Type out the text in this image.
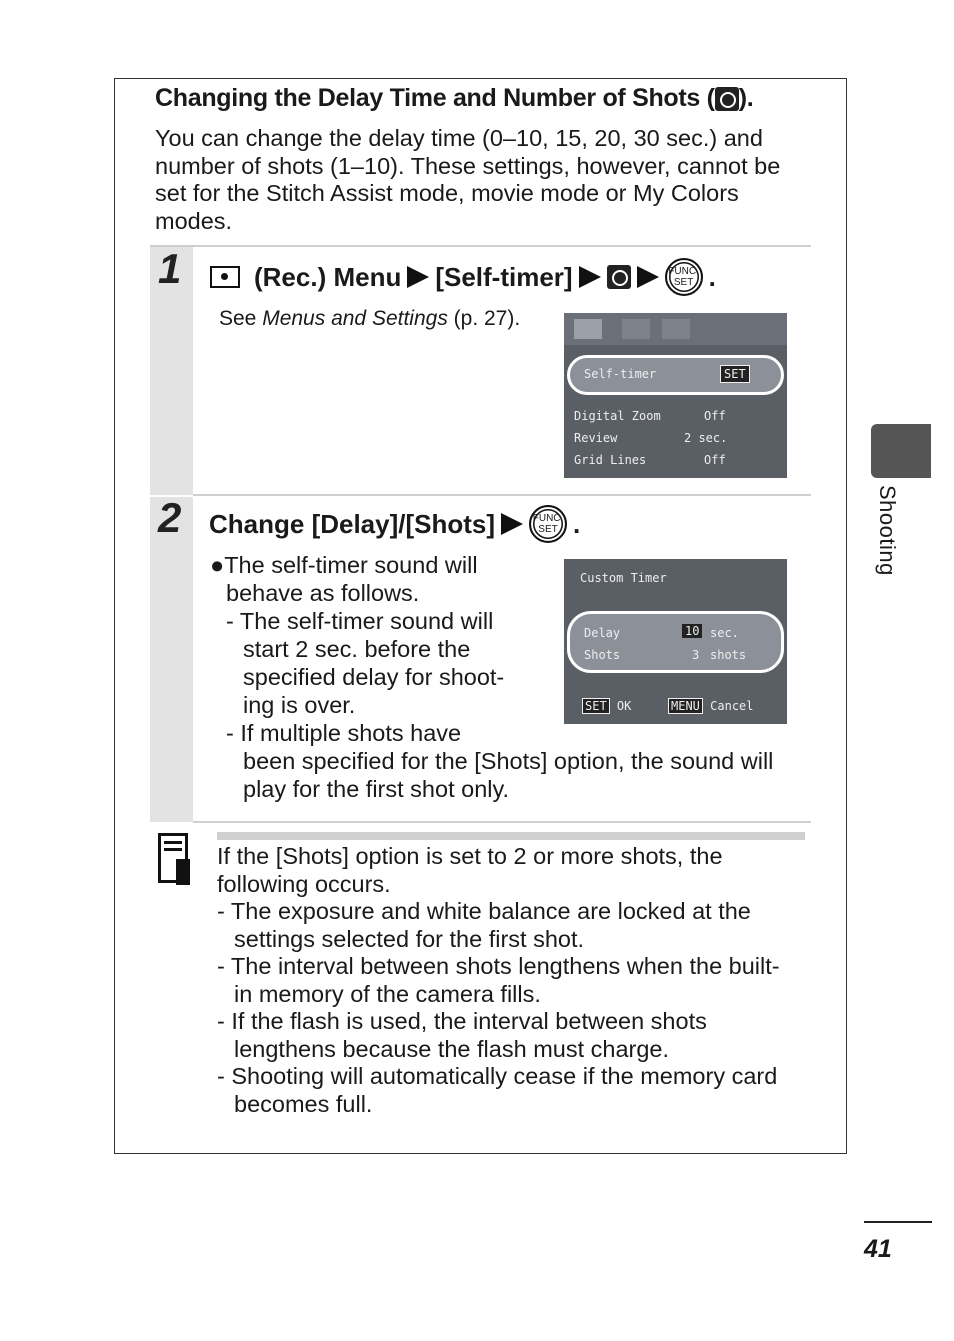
Changing the Delay Time and Number of Shots ( ).
You can change the delay time (0–10, 15, 20, 30 sec.) and number of shots (1–10). These settings, however, cannot be set for the Stitch Assist mode, movie mode or My Colors modes.
1	(Rec.) Menu [Self-timer]	FUNC.
SET .
See Menus and Settings (p. 27).
Self-timer	SET
Digital Zoom	Off
Review	2 sec.
Grid Lines	Off
2 Change [Delay]/[Shots]	FUNC.
SET .
●The self-timer sound will
behave as follows.
- The self-timer sound will
start 2 sec. before the
specified delay for shoot-
ing is over.
- If multiple shots have
been specified for the [Shots] option, the sound will
play for the first shot only.
Custom Timer
Delay	10 sec.
Shots	3 shots
SET OK	MENU Cancel
If the [Shots] option is set to 2 or more shots, the
following occurs.
- The exposure and white balance are locked at the
settings selected for the first shot.
- The interval between shots lengthens when the built-
in memory of the camera fills.
- If the flash is used, the interval between shots
lengthens because the flash must charge.
- Shooting will automatically cease if the memory card
becomes full.
Shooting
41
